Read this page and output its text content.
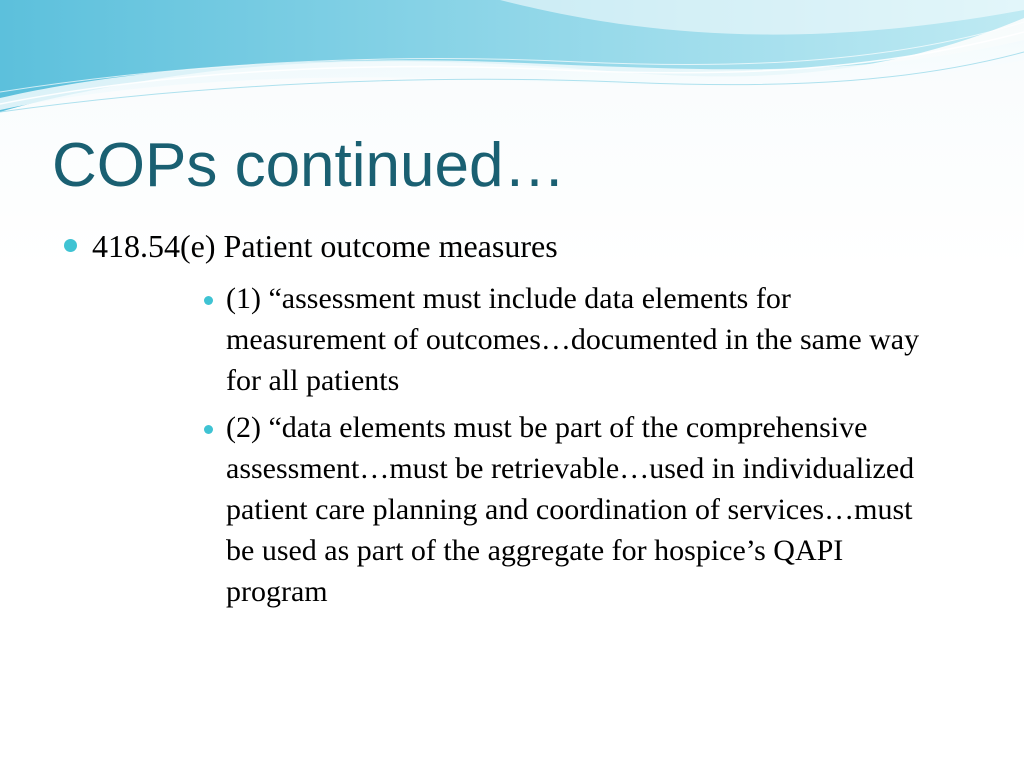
COPs continued…
418.54(e) Patient outcome measures
(1) “assessment must include data elements for measurement of outcomes…documented in the same way for all patients
(2) “data elements must be part of the comprehensive assessment…must be retrievable…used in individualized patient care planning and coordination of services…must be used as part of the aggregate for hospice’s QAPI program
